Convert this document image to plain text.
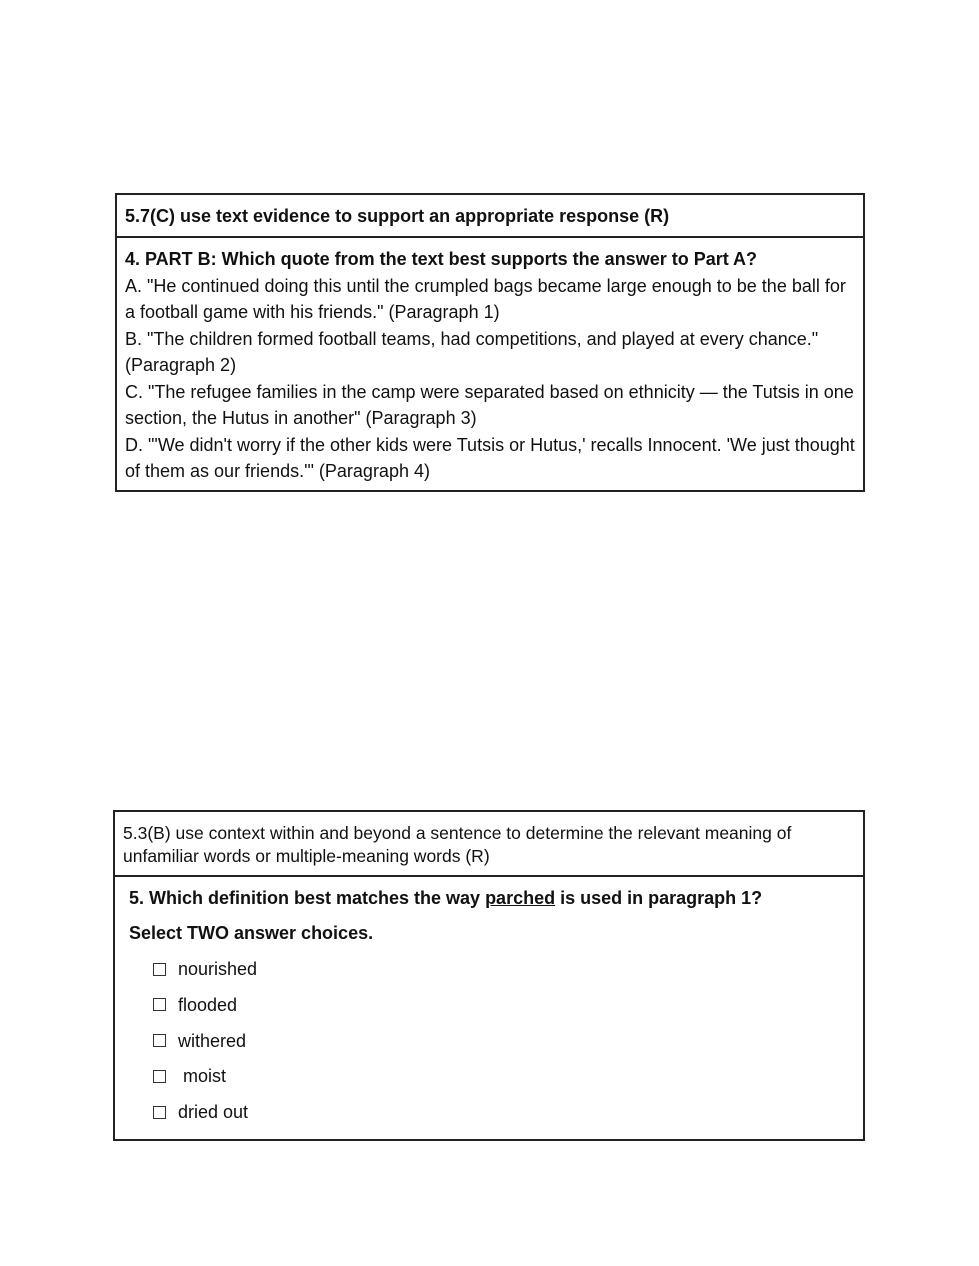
5.7(C) use text evidence to support an appropriate response (R)
4. PART B: Which quote from the text best supports the answer to Part A?
A. "He continued doing this until the crumpled bags became large enough to be the ball for a football game with his friends." (Paragraph 1)
B. "The children formed football teams, had competitions, and played at every chance." (Paragraph 2)
C. "The refugee families in the camp were separated based on ethnicity — the Tutsis in one section, the Hutus in another" (Paragraph 3)
D. "'We didn't worry if the other kids were Tutsis or Hutus,' recalls Innocent. 'We just thought of them as our friends.'" (Paragraph 4)
5.3(B) use context within and beyond a sentence to determine the relevant meaning of unfamiliar words or multiple-meaning words (R)
5. Which definition best matches the way parched is used in paragraph 1?
Select TWO answer choices.
nourished
flooded
withered
moist
dried out
